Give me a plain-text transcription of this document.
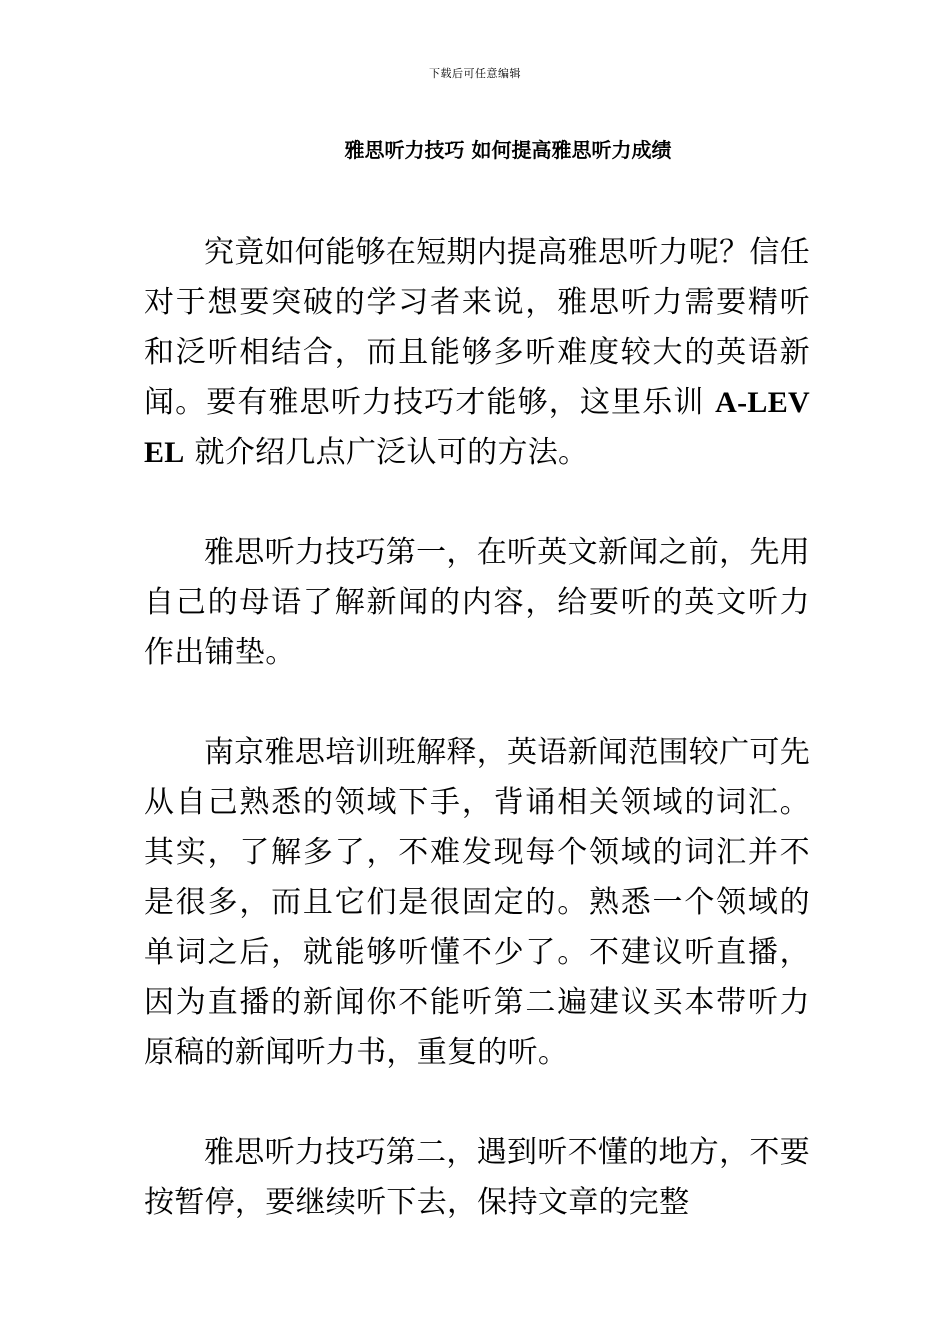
下载后可任意编辑
雅思听力技巧 如何提高雅思听力成绩

究竟如何能够在短期内提高雅思听力呢？信任对于想要突破的学习者来说，雅思听力需要精听和泛听相结合，而且能够多听难度较大的英语新闻。要有雅思听力技巧才能够，这里乐训 A-LEVEL 就介绍几点广泛认可的方法。

雅思听力技巧第一，在听英文新闻之前，先用自己的母语了解新闻的内容，给要听的英文听力作出铺垫。

南京雅思培训班解释，英语新闻范围较广可先从自己熟悉的领域下手，背诵相关领域的词汇。其实，了解多了，不难发现每个领域的词汇并不是很多，而且它们是很固定的。熟悉一个领域的单词之后，就能够听懂不少了。不建议听直播，因为直播的新闻你不能听第二遍建议买本带听力原稿的新闻听力书，重复的听。

雅思听力技巧第二，遇到听不懂的地方，不要按暂停，要继续听下去，保持文章的完整
